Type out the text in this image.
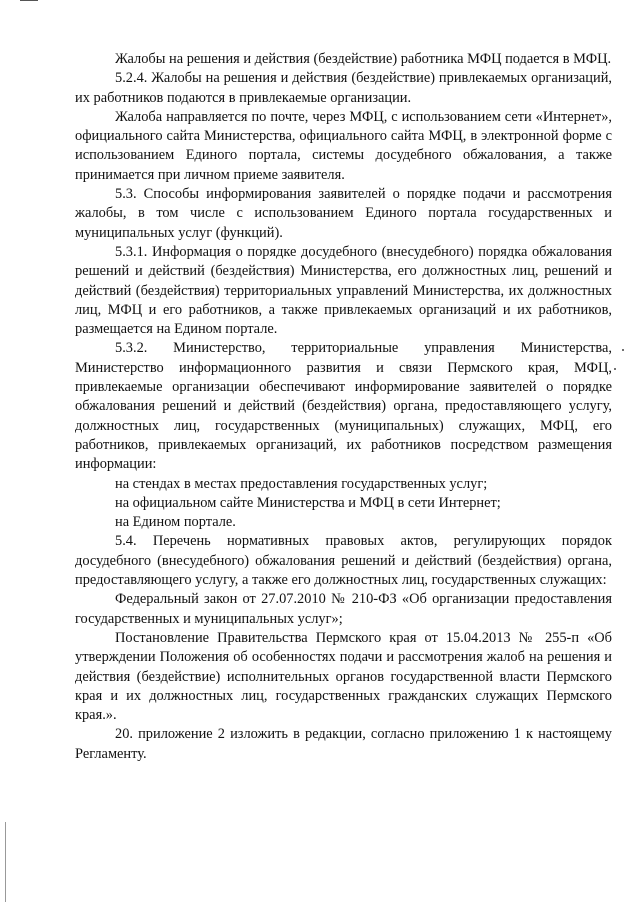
Жалобы на решения и действия (бездействие) работника МФЦ подается в МФЦ.

5.2.4. Жалобы на решения и действия (бездействие) привлекаемых организаций, их работников подаются в привлекаемые организации.

Жалоба направляется по почте, через МФЦ, с использованием сети «Интернет», официального сайта Министерства, официального сайта МФЦ, в электронной форме с использованием Единого портала, системы досудебного обжалования, а также принимается при личном приеме заявителя.

5.3. Способы информирования заявителей о порядке подачи и рассмотрения жалобы, в том числе с использованием Единого портала государственных и муниципальных услуг (функций).

5.3.1. Информация о порядке досудебного (внесудебного) порядка обжалования решений и действий (бездействия) Министерства, его должностных лиц, решений и действий (бездействия) территориальных управлений Министерства, их должностных лиц, МФЦ и его работников, а также привлекаемых организаций и их работников, размещается на Едином портале.

5.3.2. Министерство, территориальные управления Министерства, Министерство информационного развития и связи Пермского края, МФЦ, привлекаемые организации обеспечивают информирование заявителей о порядке обжалования решений и действий (бездействия) органа, предоставляющего услугу, должностных лиц, государственных (муниципальных) служащих, МФЦ, его работников, привлекаемых организаций, их работников посредством размещения информации:

на стендах в местах предоставления государственных услуг;

на официальном сайте Министерства и МФЦ в сети Интернет;

на Едином портале.

5.4. Перечень нормативных правовых актов, регулирующих порядок досудебного (внесудебного) обжалования решений и действий (бездействия) органа, предоставляющего услугу, а также его должностных лиц, государственных служащих:

Федеральный закон от 27.07.2010 № 210-ФЗ «Об организации предоставления государственных и муниципальных услуг»;

Постановление Правительства Пермского края от 15.04.2013 № 255-п «Об утверждении Положения об особенностях подачи и рассмотрения жалоб на решения и действия (бездействие) исполнительных органов государственной власти Пермского края и их должностных лиц, государственных гражданских служащих Пермского края.».

20. приложение 2 изложить в редакции, согласно приложению 1 к настоящему Регламенту.
